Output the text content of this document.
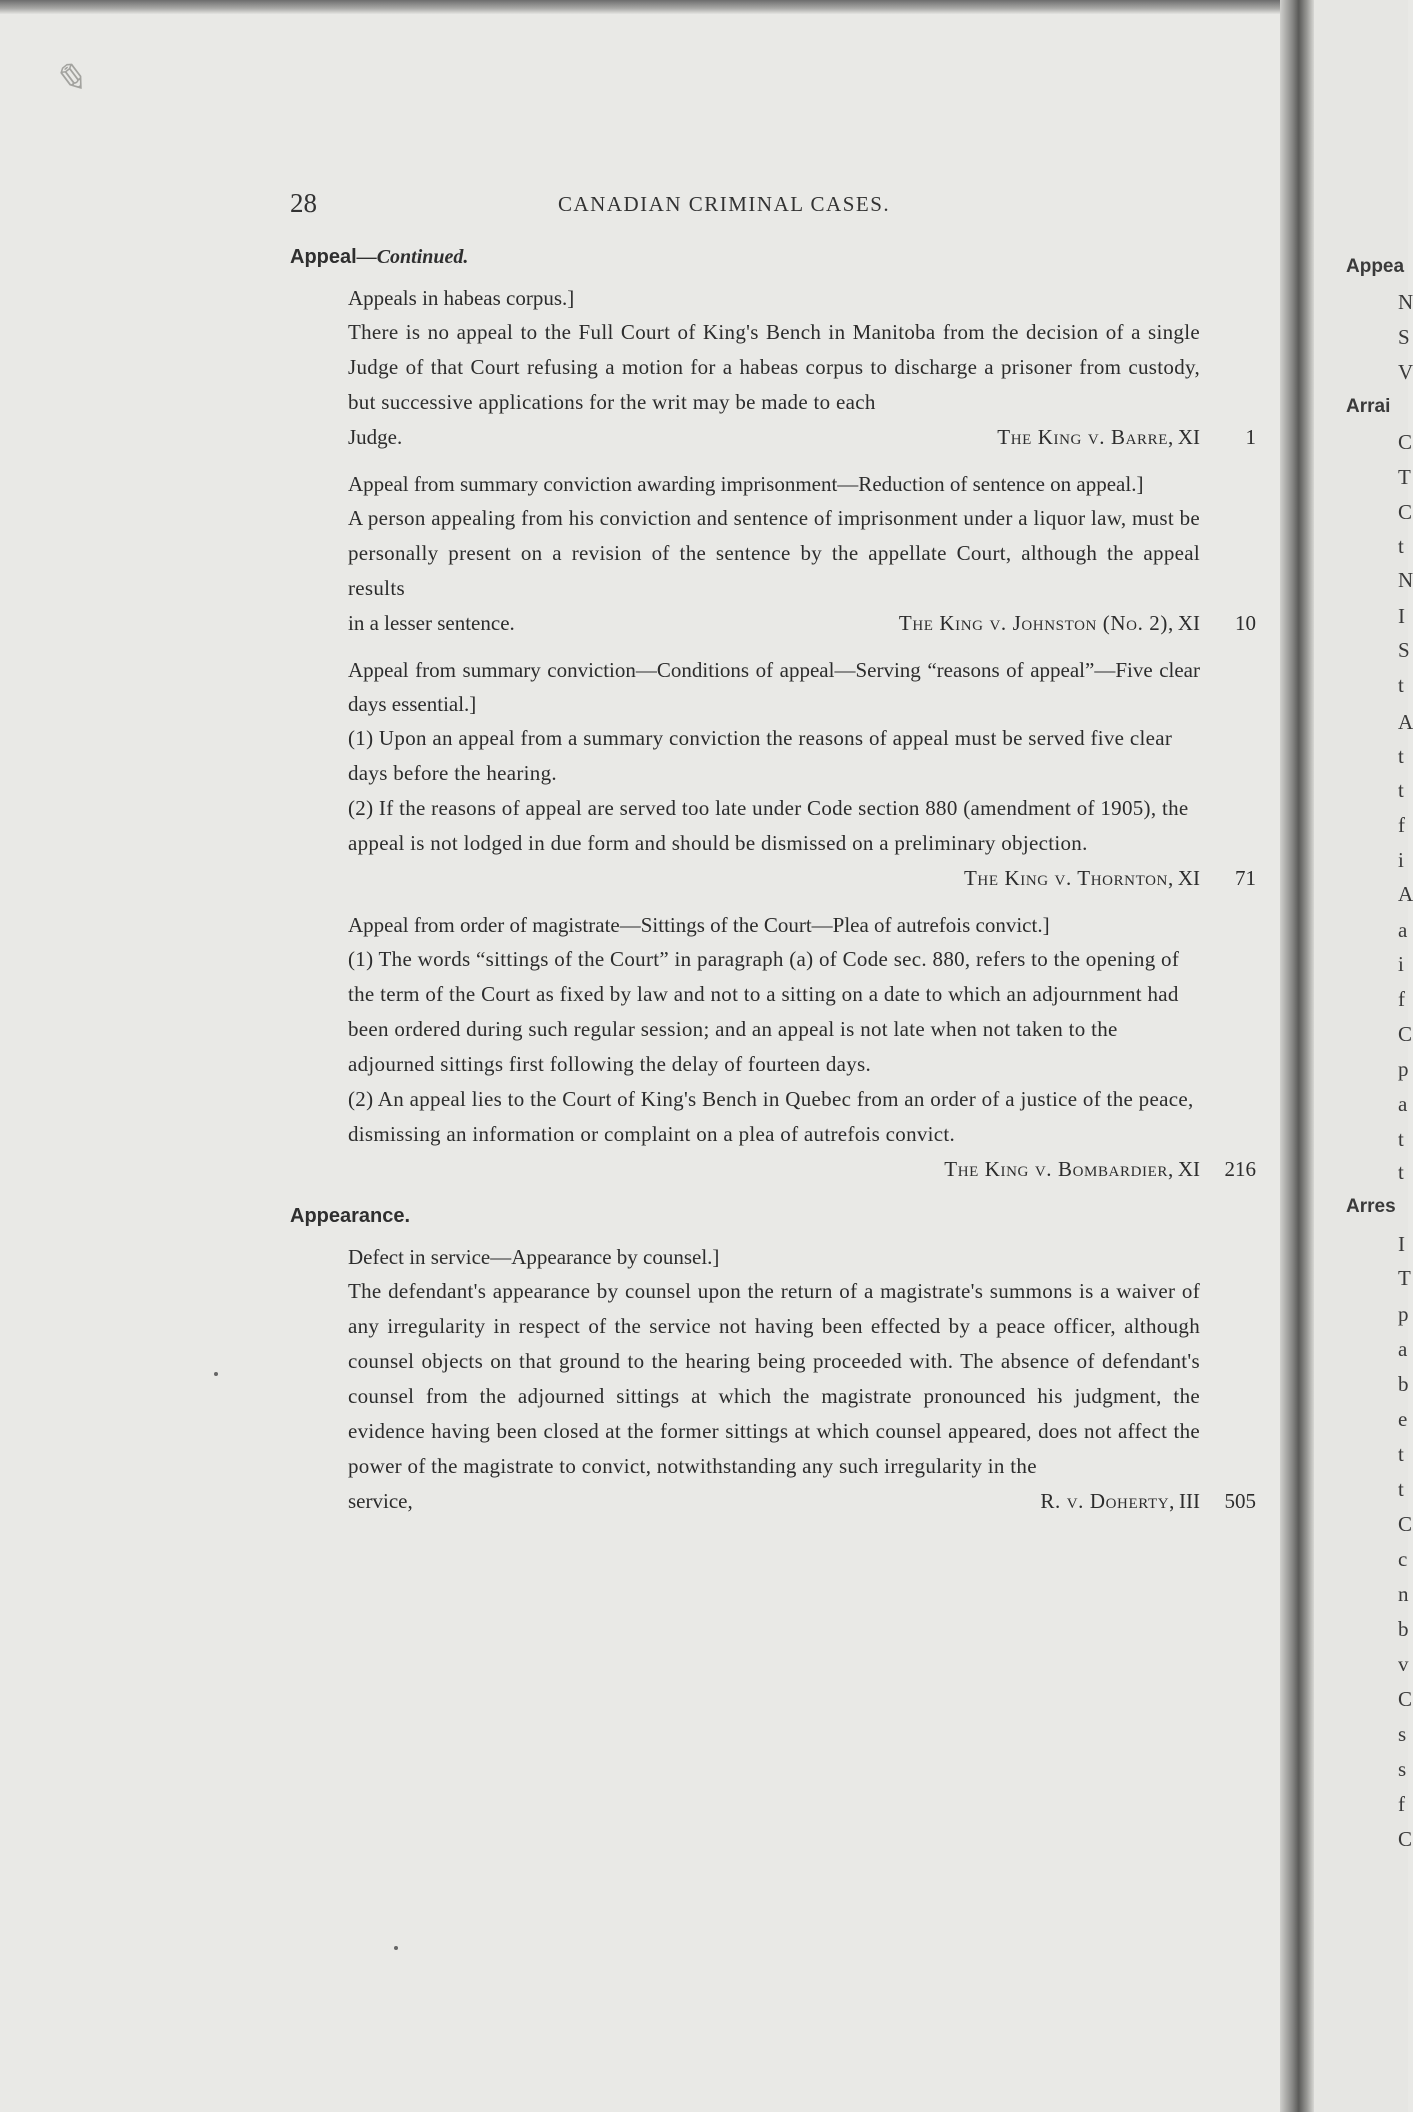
✎
28	CANADIAN CRIMINAL CASES.
Appeal—Continued.
Appeals in habeas corpus.]
There is no appeal to the Full Court of King's Bench in Manitoba from the decision of a single Judge of that Court refusing a motion for a habeas corpus to discharge a prisoner from custody, but successive applications for the writ may be made to each
Judge.	The King v. Barre, XI	1
Appeal from summary conviction awarding imprisonment—Reduction of sentence on appeal.]
A person appealing from his conviction and sentence of imprisonment under a liquor law, must be personally present on a revision of the sentence by the appellate Court, although the appeal results
in a lesser sentence.	The King v. Johnston (No. 2), XI	10
Appeal from summary conviction—Conditions of appeal—Serving “reasons of appeal”—Five clear days essential.]
(1) Upon an appeal from a summary conviction the reasons of appeal must be served five clear days before the hearing.
(2) If the reasons of appeal are served too late under Code section 880 (amendment of 1905), the appeal is not lodged in due form and should be dismissed on a preliminary objection.
The King v. Thornton, XI	71
Appeal from order of magistrate—Sittings of the Court—Plea of autrefois convict.]
(1) The words “sittings of the Court” in paragraph (a) of Code sec. 880, refers to the opening of the term of the Court as fixed by law and not to a sitting on a date to which an adjournment had been ordered during such regular session; and an appeal is not late when not taken to the adjourned sittings first following the delay of fourteen days.
(2) An appeal lies to the Court of King's Bench in Quebec from an order of a justice of the peace, dismissing an information or complaint on a plea of autrefois convict.
The King v. Bombardier, XI	216
Appearance.
Defect in service—Appearance by counsel.]
The defendant's appearance by counsel upon the return of a magistrate's summons is a waiver of any irregularity in respect of the service not having been effected by a peace officer, although counsel objects on that ground to the hearing being proceeded with. The absence of defendant's counsel from the adjourned sittings at which the magistrate pronounced his judgment, the evidence having been closed at the former sittings at which counsel appeared, does not affect the power of the magistrate to convict, notwithstanding any such irregularity in the
service,	R. v. Doherty, III	505
Appea
N
S
V
Arrai
C
T
C
t
N
I
S
t
A
t
t
f
i
A
a
i
f
C
p
a
t
t
Arres
I
T
p
a
b
e
t
t
C
c
n
b
v
C
s
s
f
C
